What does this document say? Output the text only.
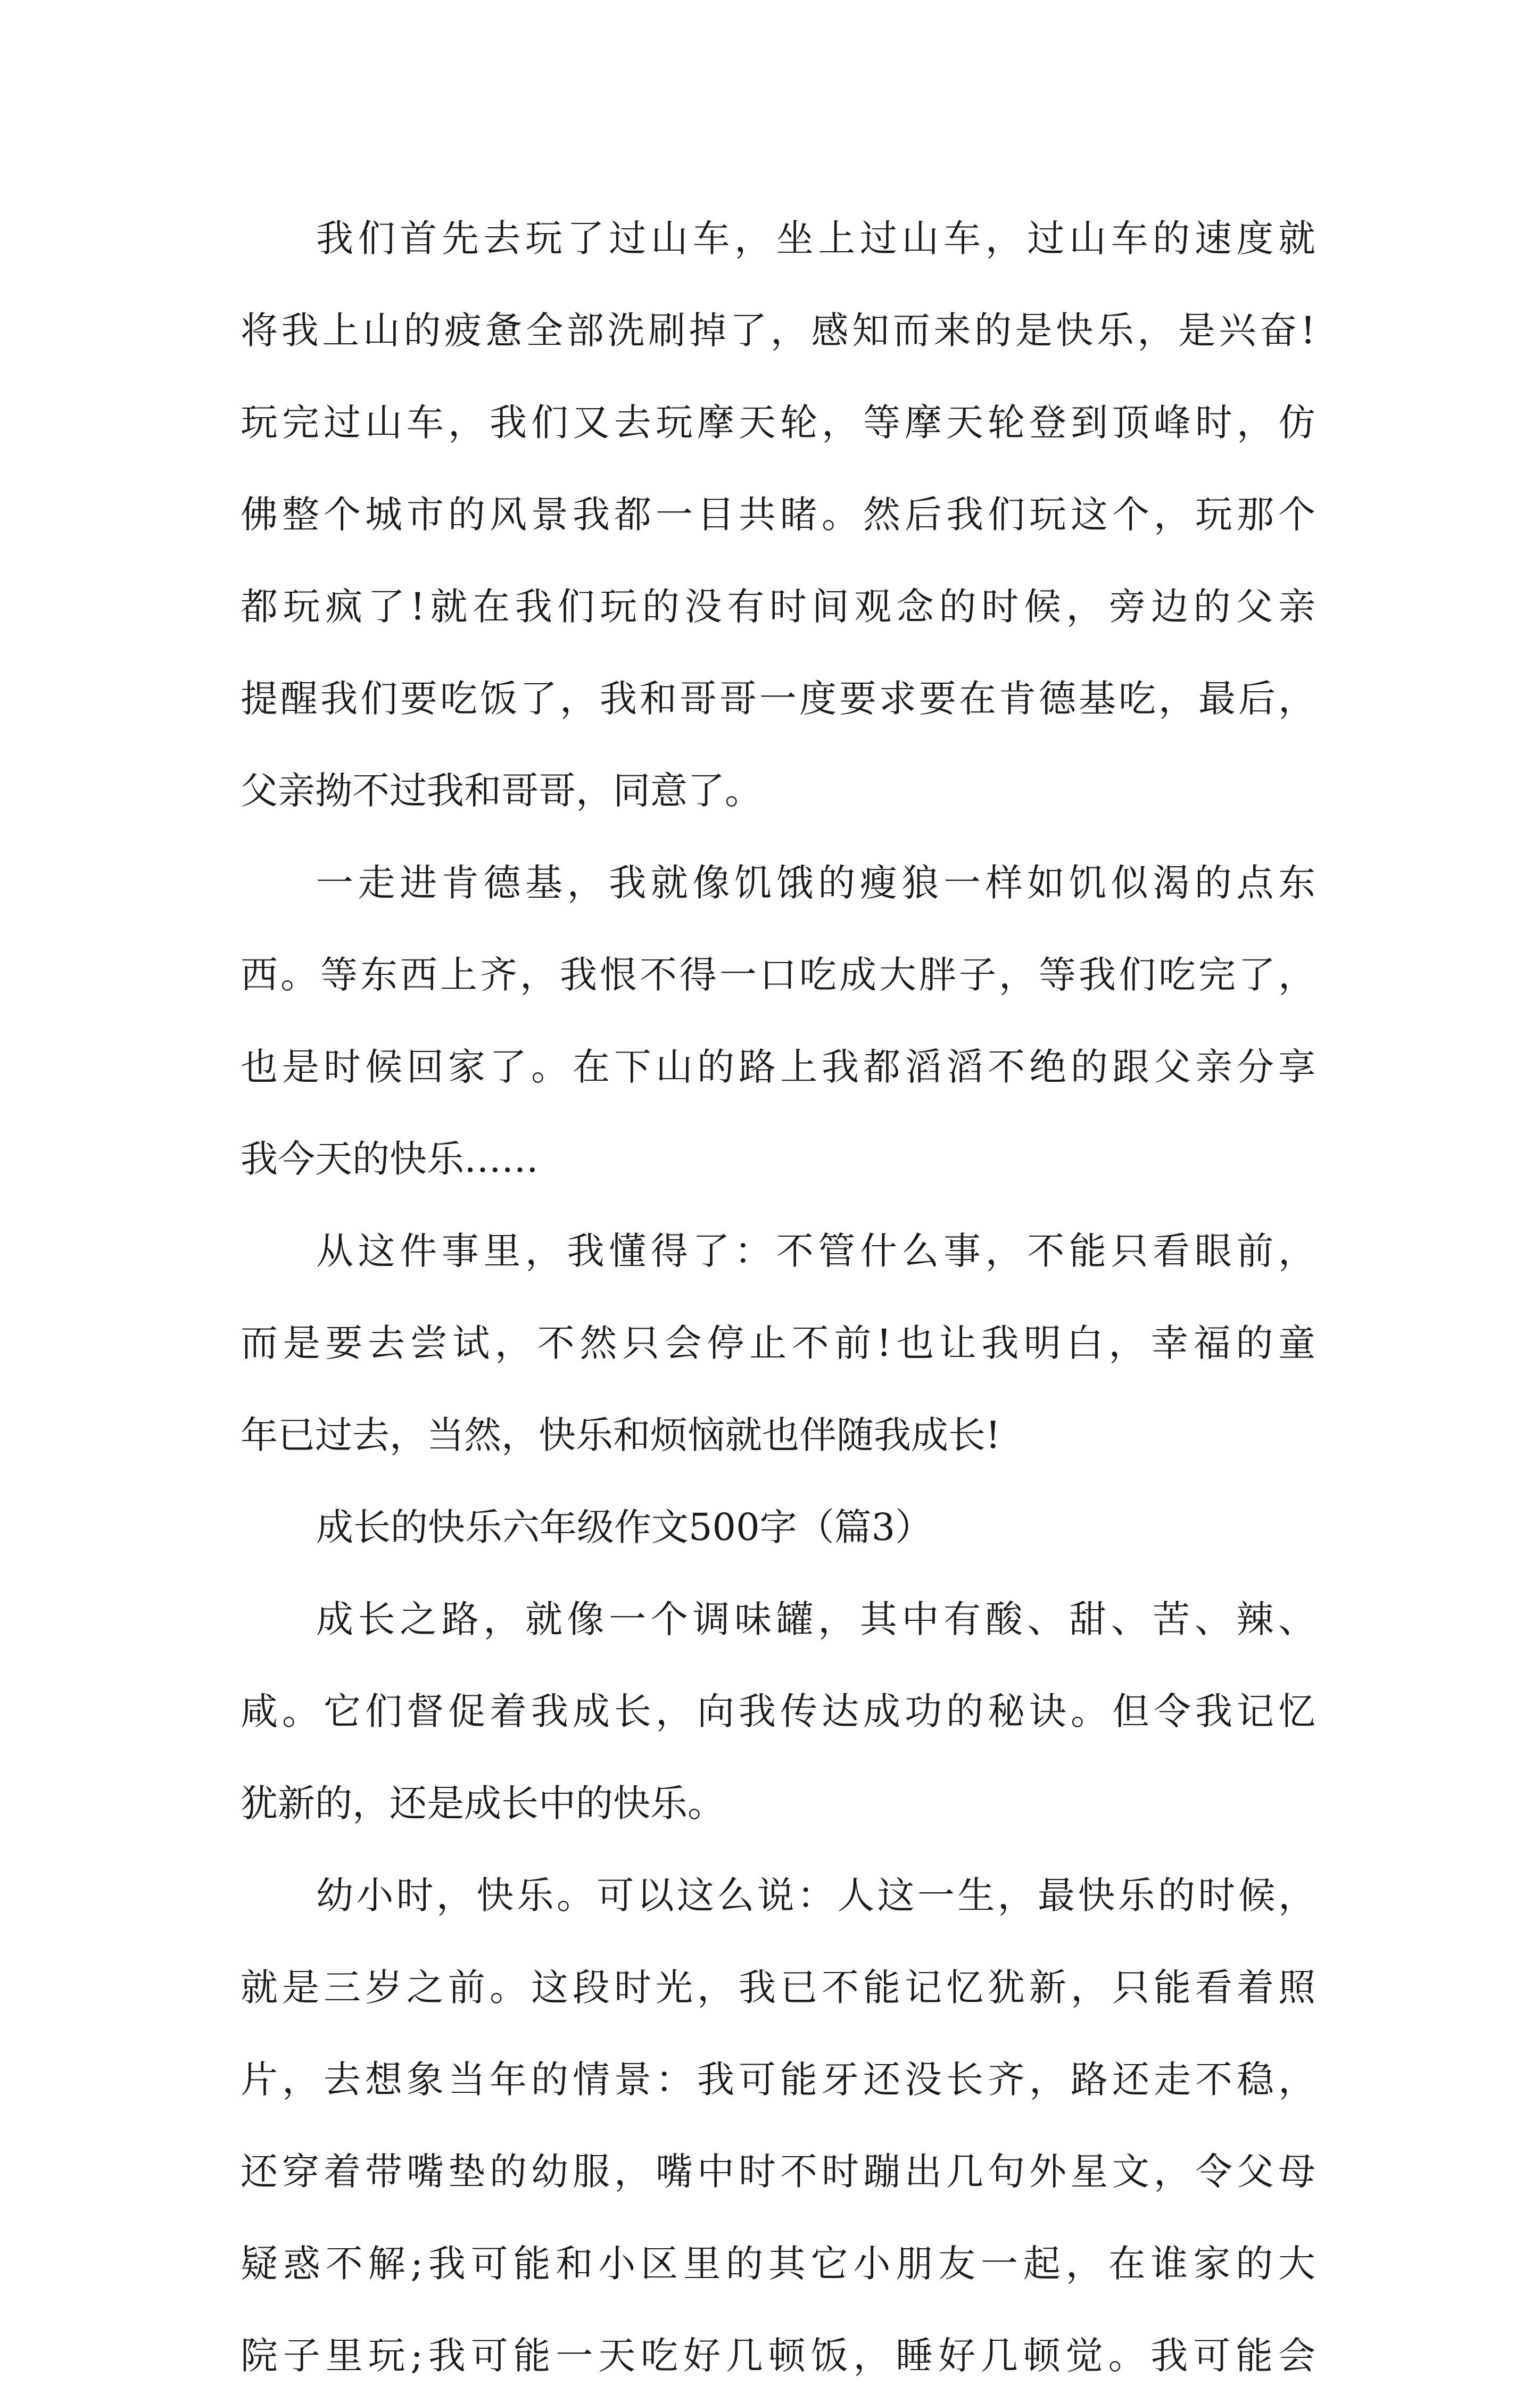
我们首先去玩了过山车，坐上过山车，过山车的速度就
将我上山的疲惫全部洗刷掉了，感知而来的是快乐，是兴奋!
玩完过山车，我们又去玩摩天轮，等摩天轮登到顶峰时，仿
佛整个城市的风景我都一目共睹。然后我们玩这个，玩那个
都玩疯了!就在我们玩的没有时间观念的时候，旁边的父亲
提醒我们要吃饭了，我和哥哥一度要求要在肯德基吃，最后，
父亲拗不过我和哥哥，同意了。
一走进肯德基，我就像饥饿的瘦狼一样如饥似渴的点东
西。等东西上齐，我恨不得一口吃成大胖子，等我们吃完了，
也是时候回家了。在下山的路上我都滔滔不绝的跟父亲分享
我今天的快乐……
从这件事里，我懂得了：不管什么事，不能只看眼前，
而是要去尝试，不然只会停止不前!也让我明白，幸福的童
年已过去，当然，快乐和烦恼就也伴随我成长!
成长的快乐六年级作文500字（篇3）
成长之路，就像一个调味罐，其中有酸、甜、苦、辣、
咸。它们督促着我成长，向我传达成功的秘诀。但令我记忆
犹新的，还是成长中的快乐。
幼小时，快乐。可以这么说：人这一生，最快乐的时候，
就是三岁之前。这段时光，我已不能记忆犹新，只能看着照
片，去想象当年的情景：我可能牙还没长齐，路还走不稳，
还穿着带嘴垫的幼服，嘴中时不时蹦出几句外星文，令父母
疑惑不解;我可能和小区里的其它小朋友一起，在谁家的大
院子里玩;我可能一天吃好几顿饭，睡好几顿觉。我可能会
